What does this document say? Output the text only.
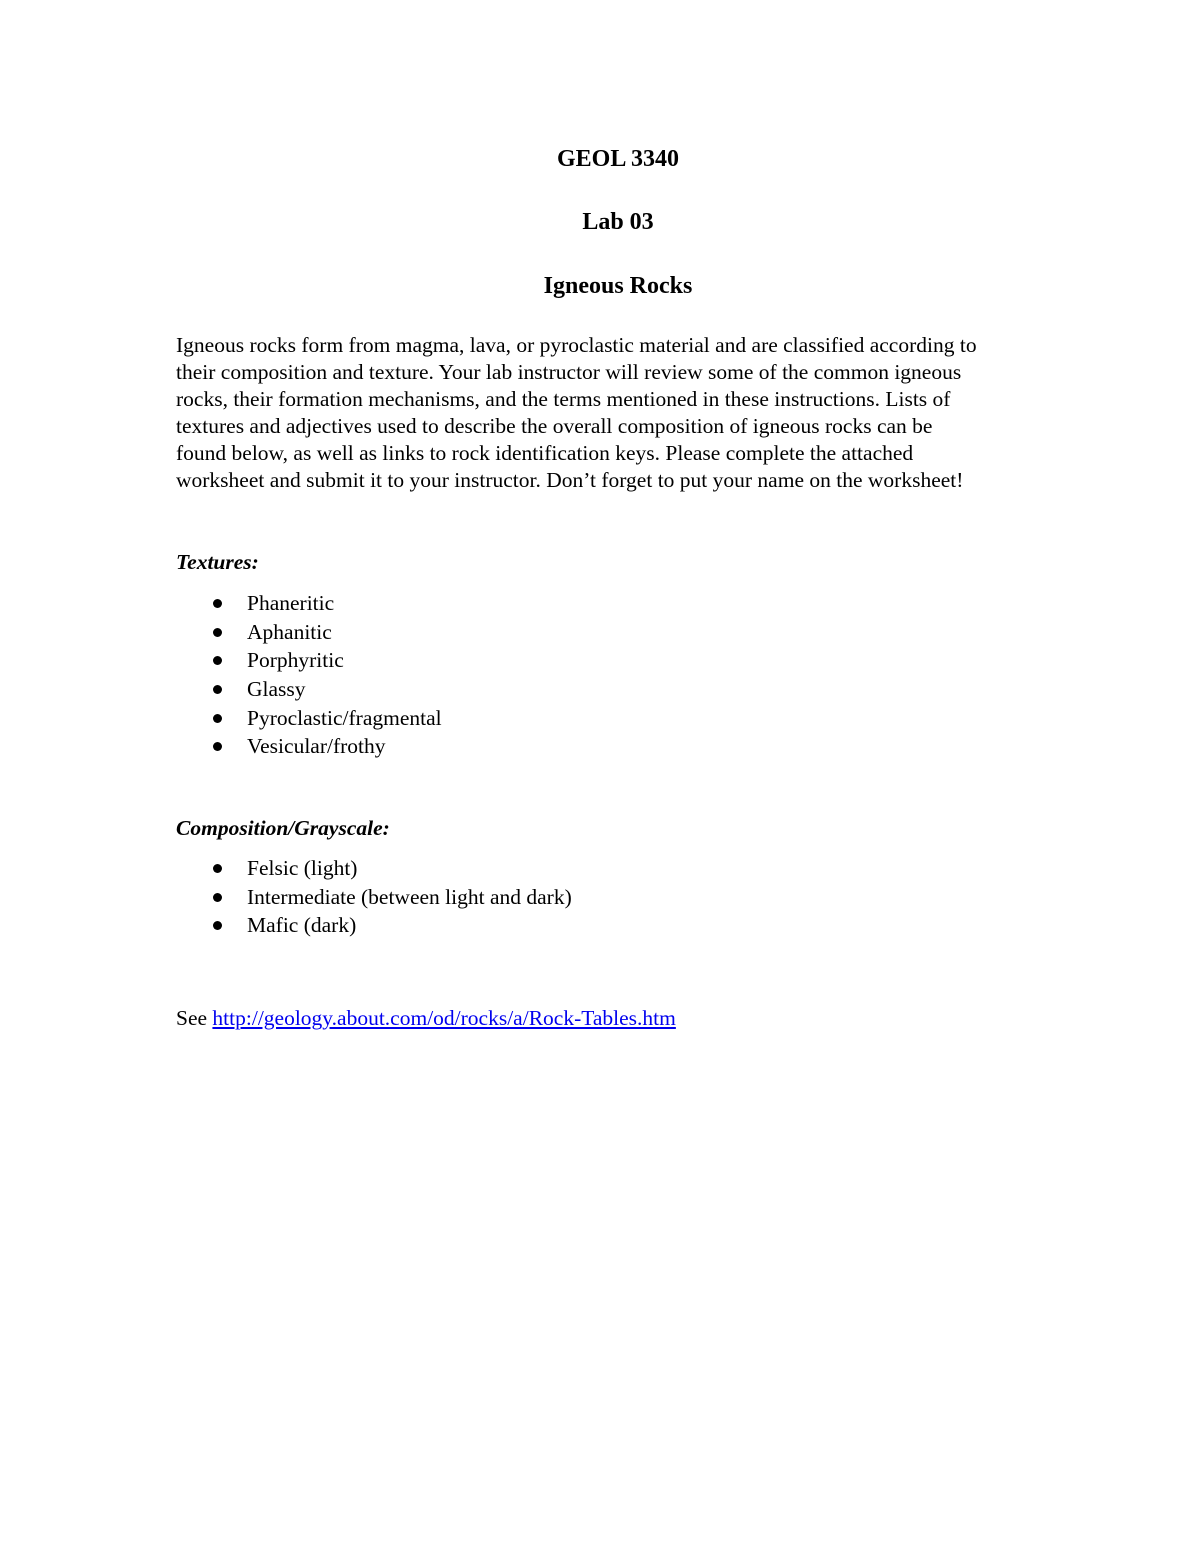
GEOL 3340
Lab 03
Igneous Rocks

Igneous rocks form from magma, lava, or pyroclastic material and are classified according to
their composition and texture. Your lab instructor will review some of the common igneous
rocks, their formation mechanisms, and the terms mentioned in these instructions. Lists of
textures and adjectives used to describe the overall composition of igneous rocks can be
found below, as well as links to rock identification keys. Please complete the attached
worksheet and submit it to your instructor. Don’t forget to put your name on the worksheet!

Textures:
Phaneritic
Aphanitic
Porphyritic
Glassy
Pyroclastic/fragmental
Vesicular/frothy
Composition/Grayscale:
Felsic (light)
Intermediate (between light and dark)
Mafic (dark)

See http://geology.about.com/od/rocks/a/Rock-Tables.htm
